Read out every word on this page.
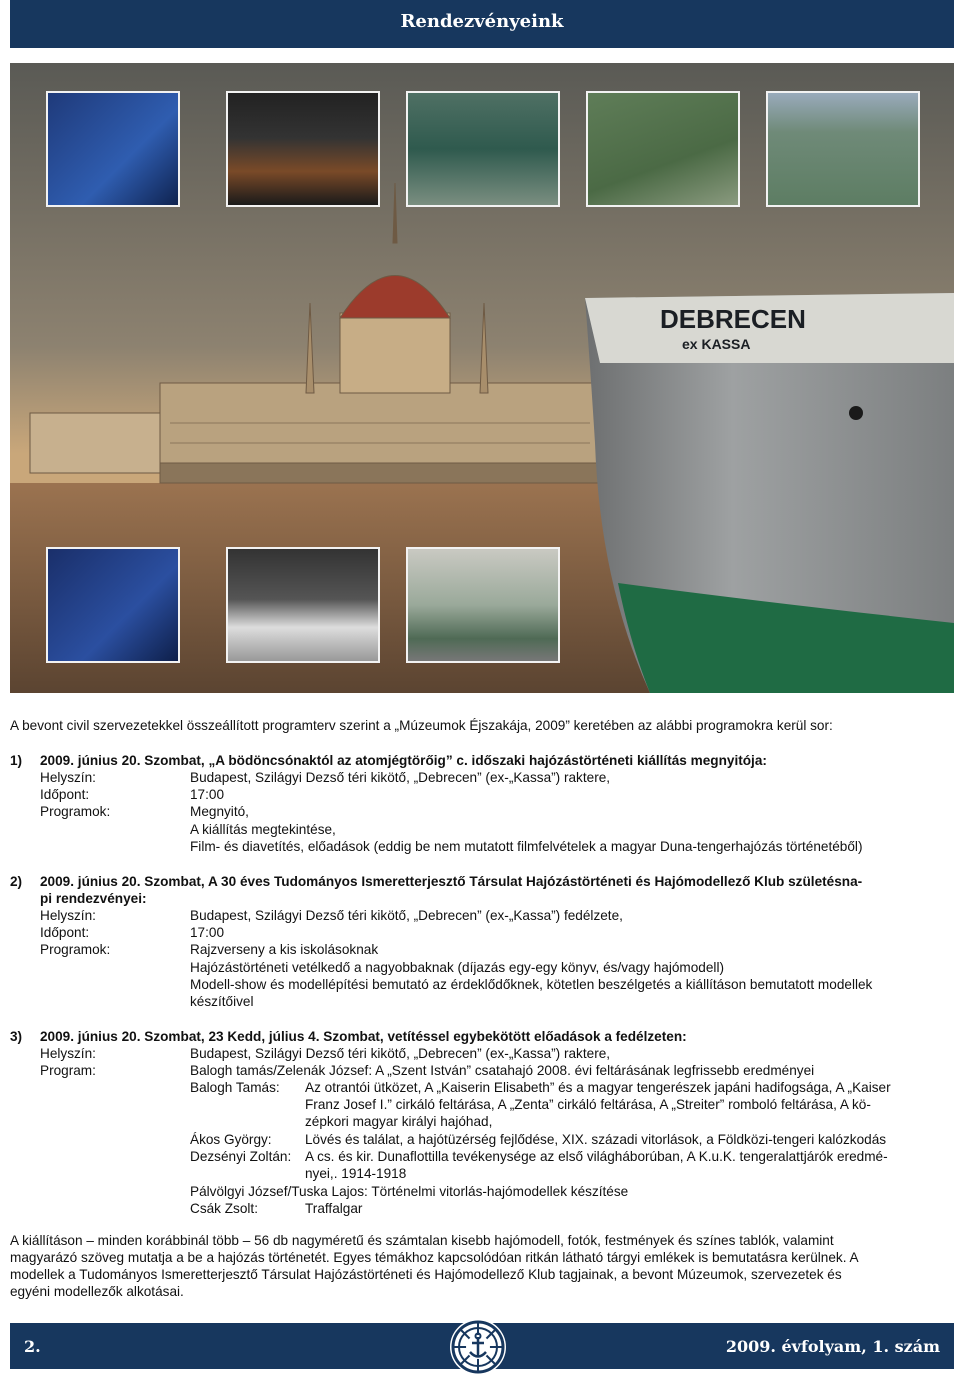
Rendezvényeink
DEBRECEN
ex KASSA
A bevont civil szervezetekkel összeállított programterv szerint a „Múzeumok Éjszakája, 2009” keretében az alábbi programokra kerül sor:
1) 2009. június 20. Szombat, „A bödöncsónaktól az atomjégtörőig” c. időszaki hajózástörténeti kiállítás megnyitója:
Helyszín:	Budapest, Szilágyi Dezső téri kikötő, „Debrecen” (ex-„Kassa”) raktere,
Időpont:	17:00
Programok:	Megnyitó,
A kiállítás megtekintése,
Film- és diavetítés, előadások (eddig be nem mutatott filmfelvételek a magyar Duna-tengerhajózás történetéből)
2) 2009. június 20. Szombat, A 30 éves Tudományos Ismeretterjesztő Társulat Hajózástörténeti és Hajómodellező Klub születésna-
pi rendezvényei:
Helyszín:	Budapest, Szilágyi Dezső téri kikötő, „Debrecen” (ex-„Kassa”) fedélzete,
Időpont:	17:00
Programok:	Rajzverseny a kis iskolásoknak
Hajózástörténeti vetélkedő a nagyobbaknak (díjazás egy-egy könyv, és/vagy hajómodell)
Modell-show és modellépítési bemutató az érdeklődőknek, kötetlen beszélgetés a kiállításon bemutatott modellek
készítőivel
3) 2009. június 20. Szombat, 23 Kedd, július 4. Szombat, vetítéssel egybekötött előadások a fedélzeten:
Helyszín:	Budapest, Szilágyi Dezső téri kikötő, „Debrecen” (ex-„Kassa”) raktere,
Program:	Balogh tamás/Zelenák József: A „Szent István” csatahajó 2008. évi feltárásának legfrissebb eredményei
Balogh Tamás: Az otrantói ütközet, A „Kaiserin Elisabeth” és a magyar tengerészek japáni hadifogsága, A „Kaiser
Franz Josef I.” cirkáló feltárása, A „Zenta” cirkáló feltárása, A „Streiter” romboló feltárása, A kö-
zépkori magyar királyi hajóhad,
Ákos György: Lövés és találat, a hajótüzérség fejlődése, XIX. századi vitorlások, a Földközi-tengeri kalózkodás
Dezsényi Zoltán: A cs. és kir. Dunaflottilla tevékenysége az első világháborúban, A K.u.K. tengeralattjárók eredmé-
nyei,. 1914-1918
Pálvölgyi József/Tuska Lajos: Történelmi vitorlás-hajómodellek készítése
Csák Zsolt:	Traffalgar
A kiállításon – minden korábbinál több – 56 db nagyméretű és számtalan kisebb hajómodell, fotók, festmények és színes tablók, valamint
magyarázó szöveg mutatja a be a hajózás történetét. Egyes témákhoz kapcsolódóan ritkán látható tárgyi emlékek is bemutatásra kerülnek. A
modellek a Tudományos Ismeretterjesztő Társulat Hajózástörténeti és Hajómodellező Klub tagjainak, a bevont Múzeumok, szervezetek és
egyéni modellezők alkotásai.
2.	2009. évfolyam, 1. szám
